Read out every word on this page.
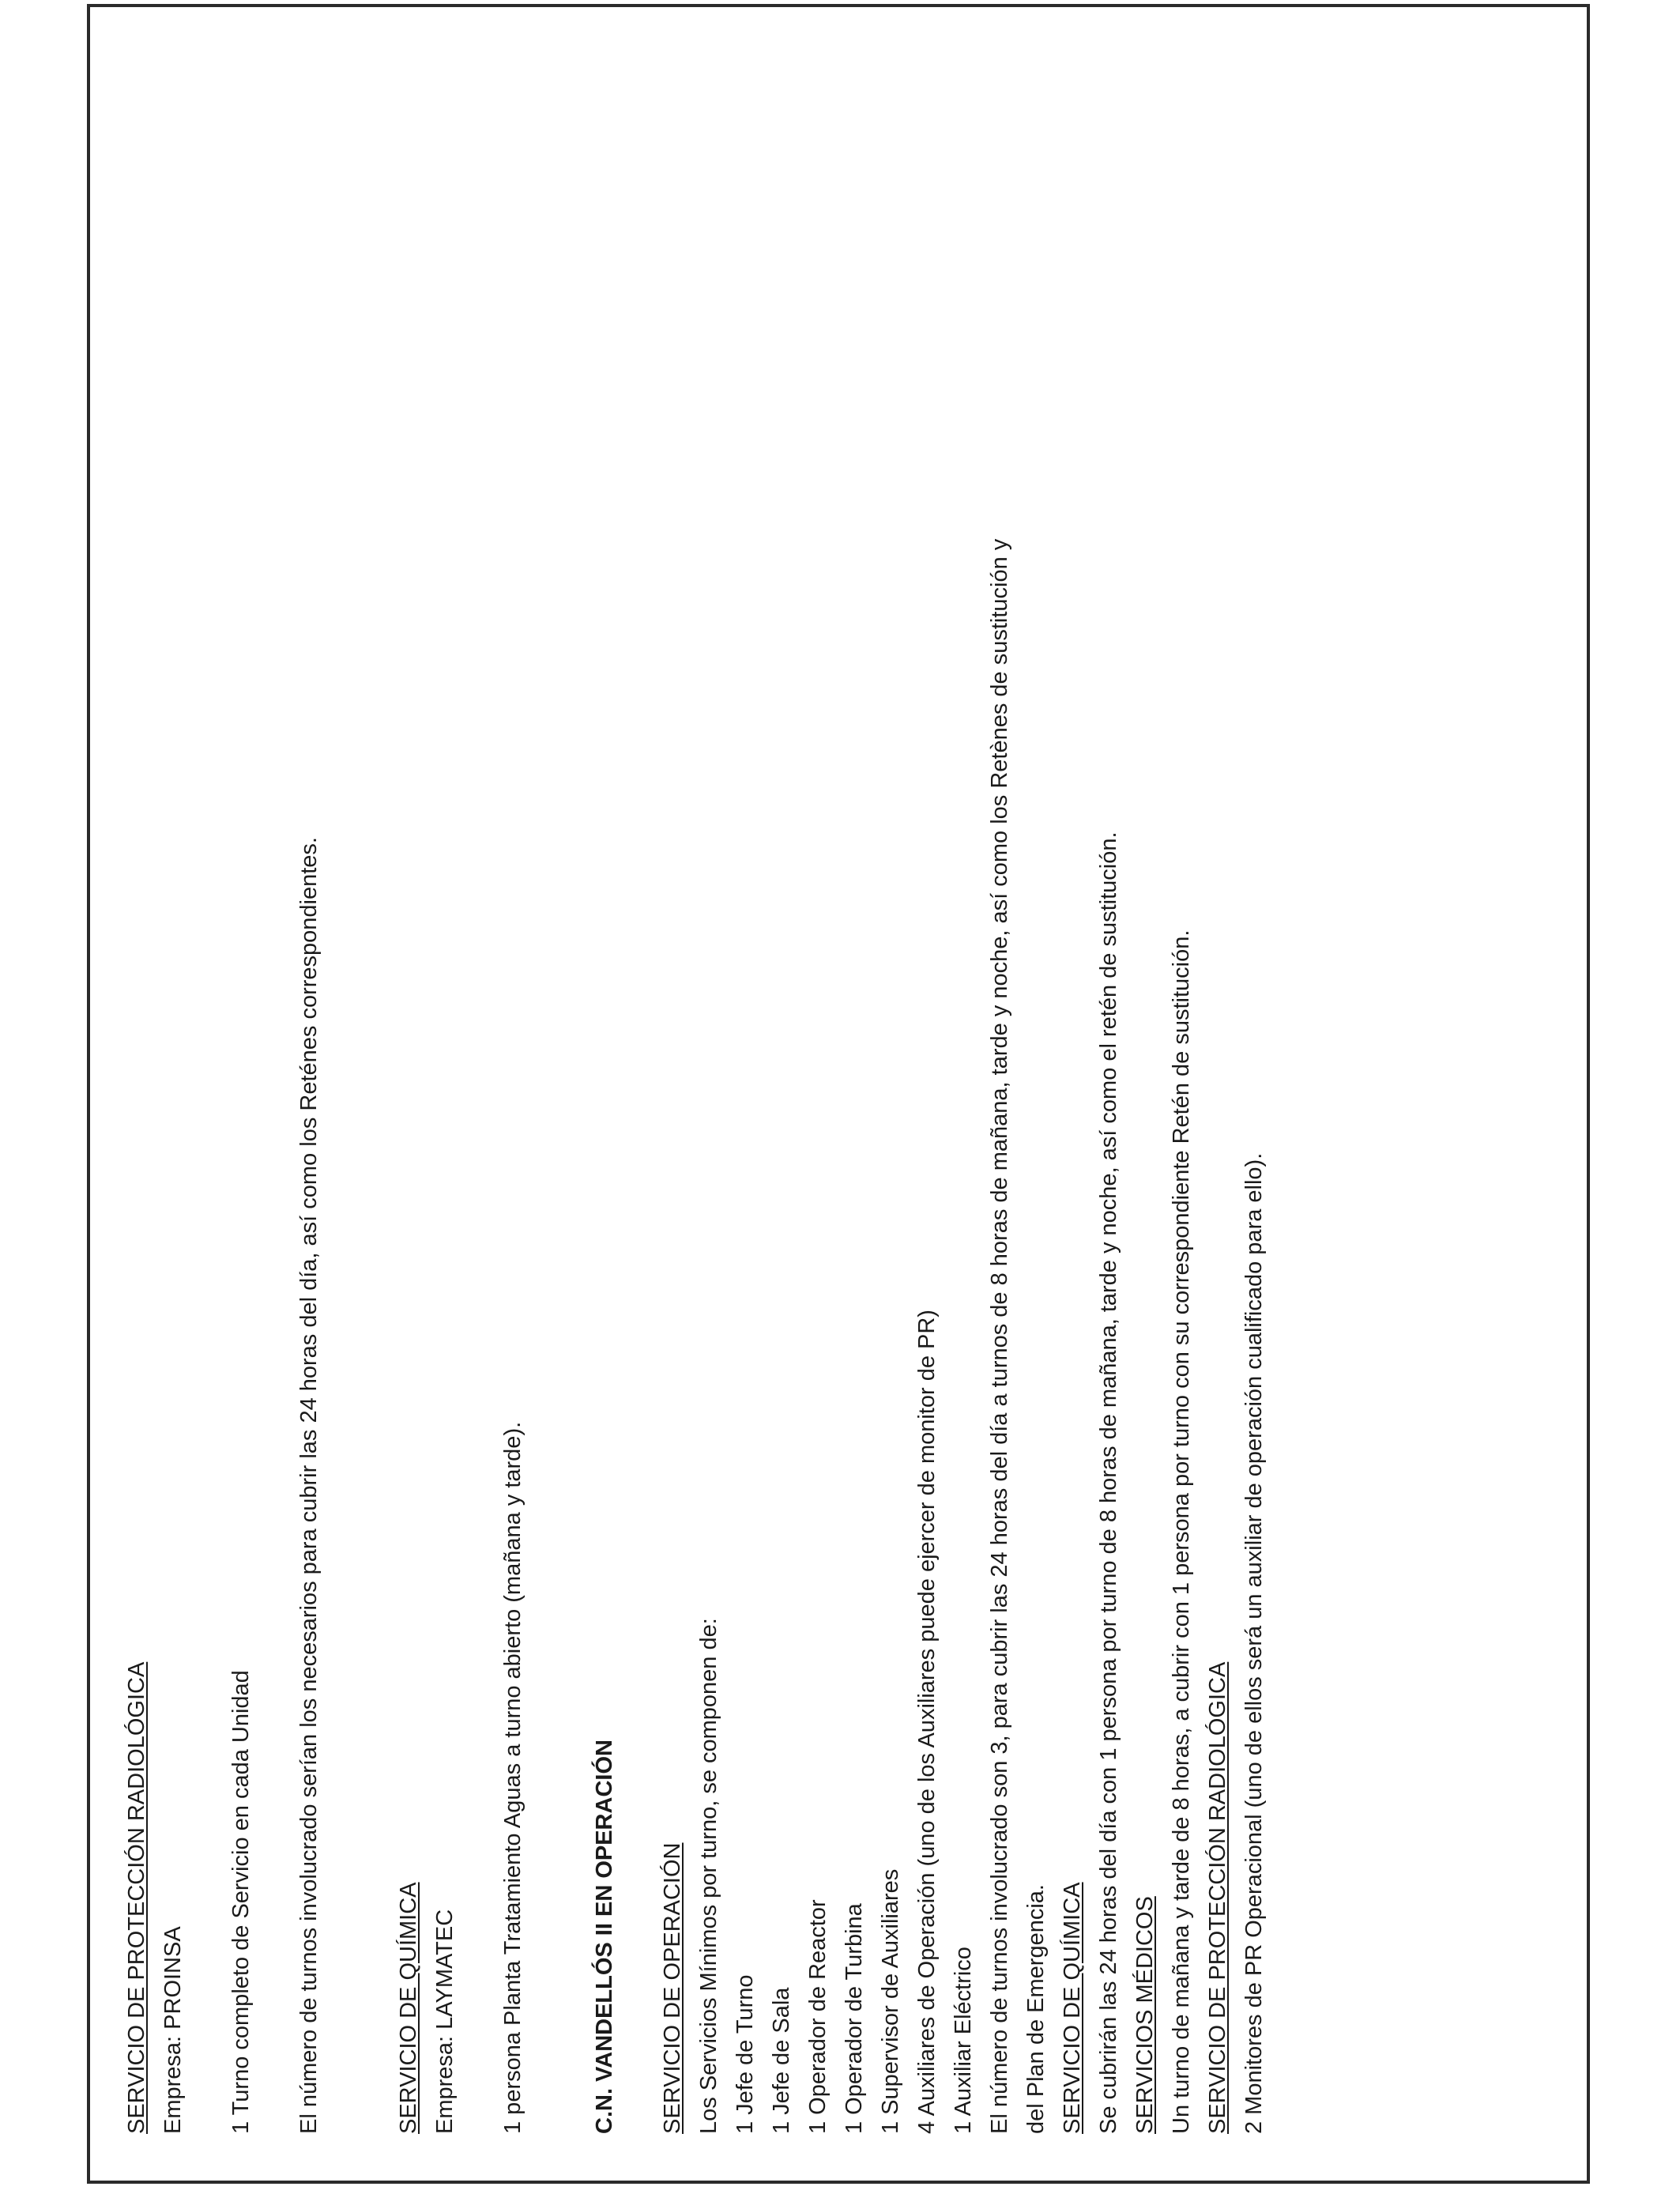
SERVICIO DE PROTECCIÓN RADIOLÓGICA Empresa: PROINSA 1 Turno completo de Servicio en cada Unidad El número de turnos involucrado serían los necesarios para cubrir las 24 horas del día, así como los Reténes correspondientes.	SERVICIO DE QUÍMICA Empresa: LAYMATEC 1 persona Planta Tratamiento Aguas a turno abierto (mañana y tarde).	C.N. VANDELLÓS II EN OPERACIÓN SERVICIO DE OPERACIÓN Los Servicios Mínimos por turno, se componen de: 1 Jefe de Turno 1 Jefe de Sala 1 Operador de Reactor 1 Operador de Turbina 1 Supervisor de Auxiliares 4 Auxiliares de Operación (uno de los Auxiliares puede ejercer de monitor de PR) 1 Auxiliar Eléctrico El número de turnos involucrado son 3, para cubrir las 24 horas del día a turnos de 8 horas de mañana, tarde y noche, así como los Retènes de sustitución y del Plan de Emergencia. SERVICIO DE QUÍMICA Se cubrirán las 24 horas del día con 1 persona por turno de 8 horas de mañana, tarde y noche, así como el retén de sustitución. SERVICIOS MÉDICOS Un turno de mañana y tarde de 8 horas, a cubrir con 1 persona por turno con su correspondiente Retén de sustitución. SERVICIO DE PROTECCIÓN RADIOLÓGICA 2 Monitores de PR Operacional (uno de ellos será un auxiliar de operación cualificado para ello).
